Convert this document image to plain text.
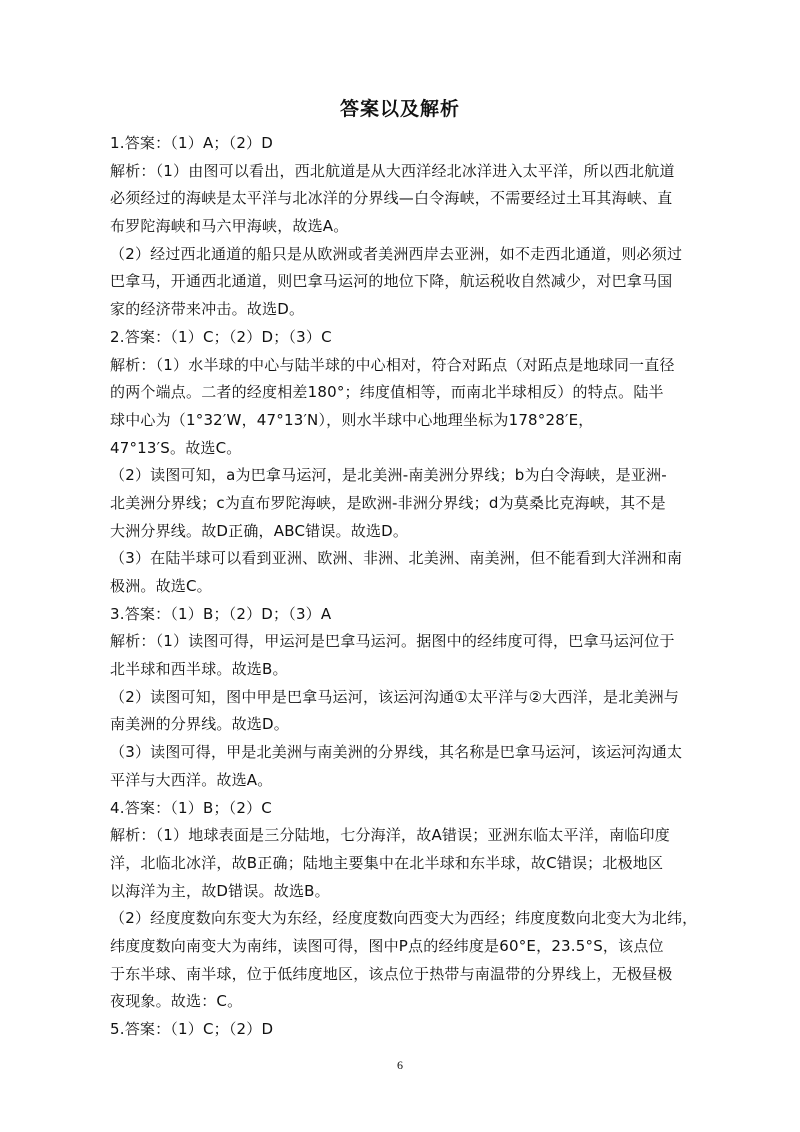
答案以及解析
1.答案：（1）A；（2）D
解析：（1）由图可以看出，西北航道是从大西洋经北冰洋进入太平洋，所以西北航道
必须经过的海峡是太平洋与北冰洋的分界线—白令海峡，不需要经过土耳其海峡、直
布罗陀海峡和马六甲海峡，故选A。
（2）经过西北通道的船只是从欧洲或者美洲西岸去亚洲，如不走西北通道，则必须过
巴拿马，开通西北通道，则巴拿马运河的地位下降，航运税收自然减少，对巴拿马国
家的经济带来冲击。故选D。
2.答案：（1）C；（2）D；（3）C
解析：（1）水半球的中心与陆半球的中心相对，符合对跖点（对跖点是地球同一直径
的两个端点。二者的经度相差180°；纬度值相等，而南北半球相反）的特点。陆半
球中心为（1°32′W，47°13′N），则水半球中心地理坐标为178°28′E，
47°13′S。故选C。
（2）读图可知，a为巴拿马运河，是北美洲-南美洲分界线；b为白令海峡，是亚洲-
北美洲分界线；c为直布罗陀海峡，是欧洲-非洲分界线；d为莫桑比克海峡，其不是
大洲分界线。故D正确，ABC错误。故选D。
（3）在陆半球可以看到亚洲、欧洲、非洲、北美洲、南美洲，但不能看到大洋洲和南
极洲。故选C。
3.答案：（1）B；（2）D；（3）A
解析：（1）读图可得，甲运河是巴拿马运河。据图中的经纬度可得，巴拿马运河位于
北半球和西半球。故选B。
（2）读图可知，图中甲是巴拿马运河，该运河沟通①太平洋与②大西洋，是北美洲与
南美洲的分界线。故选D。
（3）读图可得，甲是北美洲与南美洲的分界线，其名称是巴拿马运河，该运河沟通太
平洋与大西洋。故选A。
4.答案：（1）B；（2）C
解析：（1）地球表面是三分陆地，七分海洋，故A错误；亚洲东临太平洋，南临印度
洋，北临北冰洋，故B正确；陆地主要集中在北半球和东半球，故C错误；北极地区
以海洋为主，故D错误。故选B。
（2）经度度数向东变大为东经，经度度数向西变大为西经；纬度度数向北变大为北纬，
纬度度数向南变大为南纬，读图可得，图中P点的经纬度是60°E，23.5°S，该点位
于东半球、南半球，位于低纬度地区，该点位于热带与南温带的分界线上，无极昼极
夜现象。故选：C。
5.答案：（1）C；（2）D
6
